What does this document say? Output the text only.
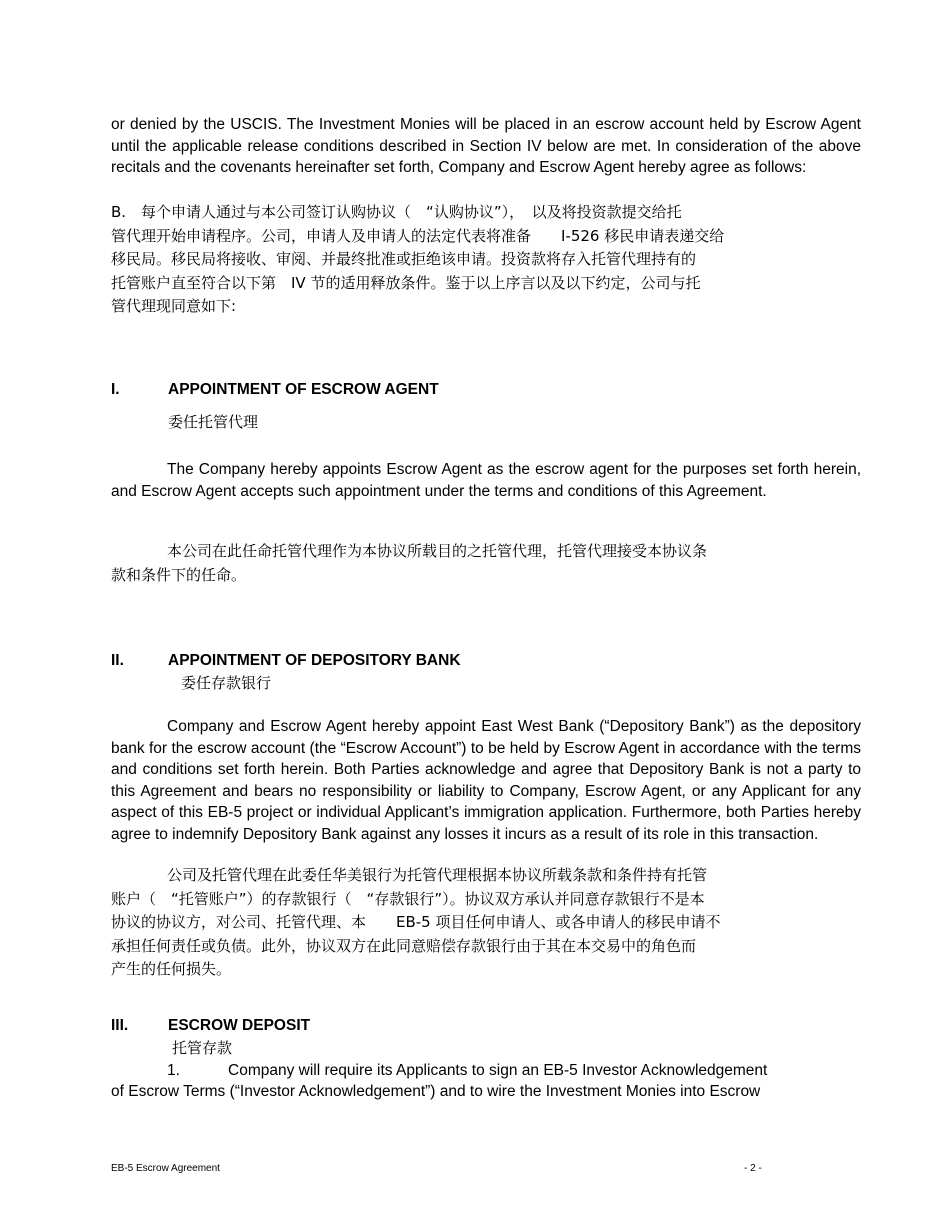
or denied by the USCIS. The Investment Monies will be placed in an escrow account held by Escrow Agent until the applicable release conditions described in Section IV below are met. In consideration of the above recitals and the covenants hereinafter set forth, Company and Escrow Agent hereby agree as follows:

B.　每个申请人通过与本公司签订认购协议（　“认购协议”），　以及将投资款提交给托
管代理开始申请程序。公司，申请人及申请人的法定代表将准备　　I-526 移民申请表递交给
移民局。移民局将接收、审阅、并最终批准或拒绝该申请。投资款将存入托管代理持有的
托管账户直至符合以下第　IV 节的适用释放条件。鉴于以上序言以及以下约定，公司与托
管代理现同意如下:
I.	APPOINTMENT OF ESCROW AGENT
委任托管代理

The Company hereby appoints Escrow Agent as the escrow agent for the purposes set forth herein, and Escrow Agent accepts such appointment under the terms and conditions of this Agreement.

本公司在此任命托管代理作为本协议所载目的之托管代理，托管代理接受本协议条
款和条件下的任命。
II.	APPOINTMENT OF DEPOSITORY BANK
委任存款银行

Company and Escrow Agent hereby appoint East West Bank (“Depository Bank”) as the depository bank for the escrow account (the “Escrow Account”) to be held by Escrow Agent in accordance with the terms and conditions set forth herein. Both Parties acknowledge and agree that Depository Bank is not a party to this Agreement and bears no responsibility or liability to Company, Escrow Agent, or any Applicant for any aspect of this EB-5 project or individual Applicant’s immigration application. Furthermore, both Parties hereby agree to indemnify Depository Bank against any losses it incurs as a result of its role in this transaction.

公司及托管代理在此委任华美银行为托管代理根据本协议所载条款和条件持有托管
账户（　“托管账户”）的存款银行（　“存款银行”）。协议双方承认并同意存款银行不是本
协议的协议方，对公司、托管代理、本　　EB-5 项目任何申请人、或各申请人的移民申请不
承担任何责任或负债。此外，协议双方在此同意赔偿存款银行由于其在本交易中的角色而
产生的任何损失。
III.	ESCROW DEPOSIT
托管存款
1.	Company will require its Applicants to sign an EB-5 Investor Acknowledgement
of Escrow Terms (“Investor Acknowledgement”) and to wire the Investment Monies into Escrow
EB-5 Escrow Agreement	- 2 -
